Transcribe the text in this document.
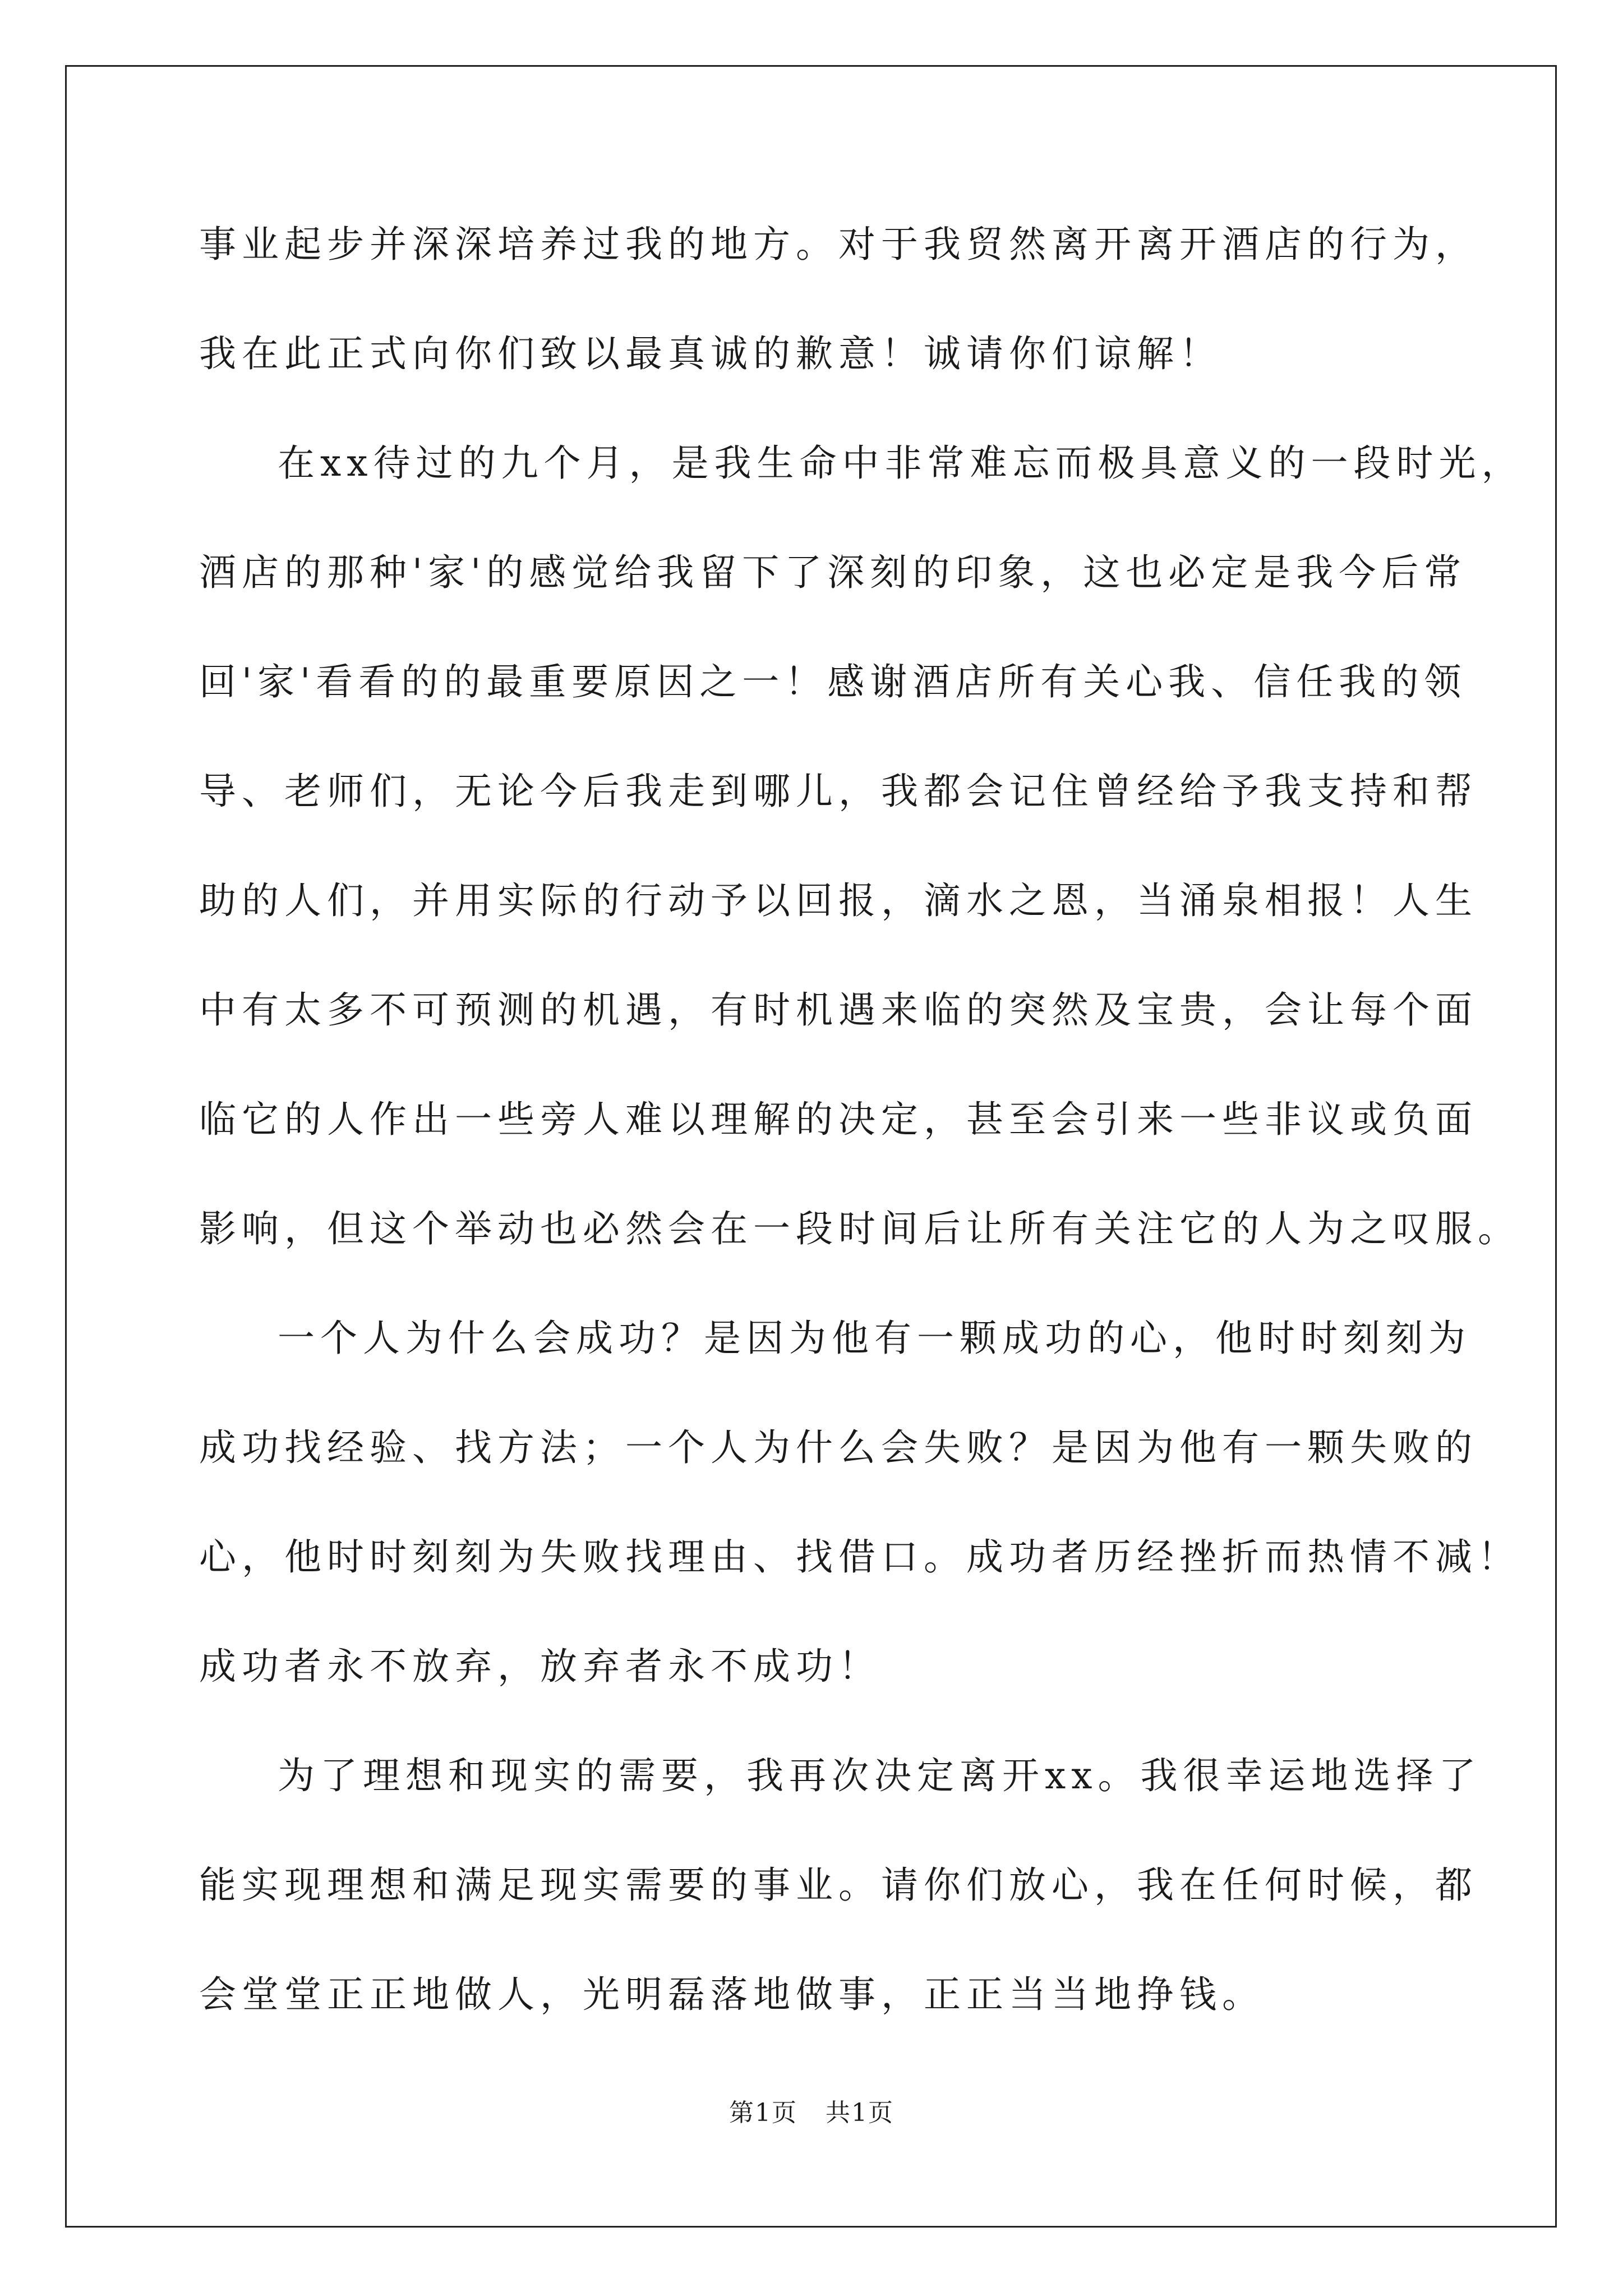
事业起步并深深培养过我的地方。对于我贸然离开离开酒店的行为，
我在此正式向你们致以最真诚的歉意！诚请你们谅解！
在xx待过的九个月，是我生命中非常难忘而极具意义的一段时光，
酒店的那种'家'的感觉给我留下了深刻的印象，这也必定是我今后常
回'家'看看的的最重要原因之一！感谢酒店所有关心我、信任我的领
导、老师们，无论今后我走到哪儿，我都会记住曾经给予我支持和帮
助的人们，并用实际的行动予以回报，滴水之恩，当涌泉相报！人生
中有太多不可预测的机遇，有时机遇来临的突然及宝贵，会让每个面
临它的人作出一些旁人难以理解的决定，甚至会引来一些非议或负面
影响，但这个举动也必然会在一段时间后让所有关注它的人为之叹服。
一个人为什么会成功？是因为他有一颗成功的心，他时时刻刻为
成功找经验、找方法；一个人为什么会失败？是因为他有一颗失败的
心，他时时刻刻为失败找理由、找借口。成功者历经挫折而热情不减！
成功者永不放弃，放弃者永不成功！
为了理想和现实的需要，我再次决定离开xx。我很幸运地选择了
能实现理想和满足现实需要的事业。请你们放心，我在任何时候，都
会堂堂正正地做人，光明磊落地做事，正正当当地挣钱。
第1页 共1页
